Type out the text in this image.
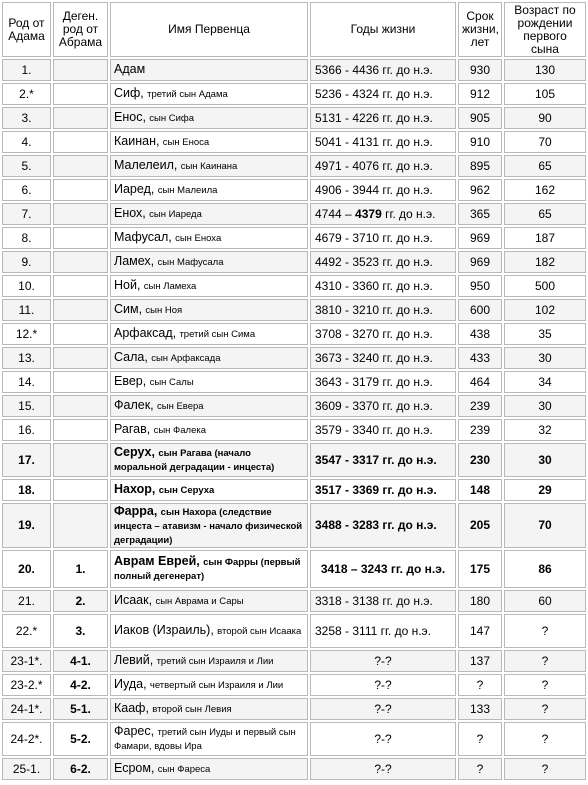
Род от Адама	Деген. род от Абрама	Имя Первенца	Годы жизни	Срок жизни, лет	Возраст по рождении первого сына
1.		Адам	5366 - 4436 гг. до н.э.	930	130
2.*		Сиф, третий сын Адама	5236 - 4324 гг. до н.э.	912	105
3.		Енос, сын Сифа	5131 - 4226 гг. до н.э.	905	90
4.		Каинан, сын Еноса	5041 - 4131 гг. до н.э.	910	70
5.		Малелеил, сын Каинана	4971 - 4076 гг. до н.э.	895	65
6.		Иаред, сын Малеила	4906 - 3944 гг. до н.э.	962	162
7.		Енох, сын Иареда	4744 – 4379 гг. до н.э.	365	65
8.		Мафусал, сын Еноха	4679 - 3710 гг. до н.э.	969	187
9.		Ламех, сын Мафусала	4492 - 3523 гг. до н.э.	969	182
10.		Ной, сын Ламеха	4310 - 3360 гг. до н.э.	950	500
11.		Сим, сын Ноя	3810 - 3210 гг. до н.э.	600	102
12.*		Арфаксад, третий сын Сима	3708 - 3270 гг. до н.э.	438	35
13.		Сала, сын Арфаксада	3673 - 3240 гг. до н.э.	433	30
14.		Евер, сын Салы	3643 - 3179 гг. до н.э.	464	34
15.		Фалек, сын Евера	3609 - 3370 гг. до н.э.	239	30
16.		Рагав, сын Фалека	3579 - 3340 гг. до н.э.	239	32
17.		Серух, сын Рагава (начало моральной деградации - инцеста)	3547 - 3317 гг. до н.э.	230	30
18.		Нахор, сын Серуха	3517 - 3369 гг. до н.э.	148	29
19.		Фарра, сын Нахора (следствие инцеста – атавизм - начало физической деградации)	3488 - 3283 гг. до н.э.	205	70
20.	1.	Аврам Еврей, сын Фарры (первый полный дегенерат)	3418 – 3243 гг. до н.э.	175	86
21.	2.	Исаак, сын Аврама и Сары	3318 - 3138 гг. до н.э.	180	60
22.*	3.	Иаков (Израиль), второй сын Исаака	3258 - 3111 гг. до н.э.	147	?
23-1*.	4-1.	Левий, третий сын Израиля и Лии	?-?	137	?
23-2.*	4-2.	Иуда, четвертый сын Израиля и Лии	?-?	?	?
24-1*.	5-1.	Кааф, второй сын Левия	?-?	133	?
24-2*.	5-2.	Фарес, третий сын Иуды и первый сын Фамари, вдовы Ира	?-?	?	?
25-1.	6-2.	Есром, сын Фареса	?-?	?	?
